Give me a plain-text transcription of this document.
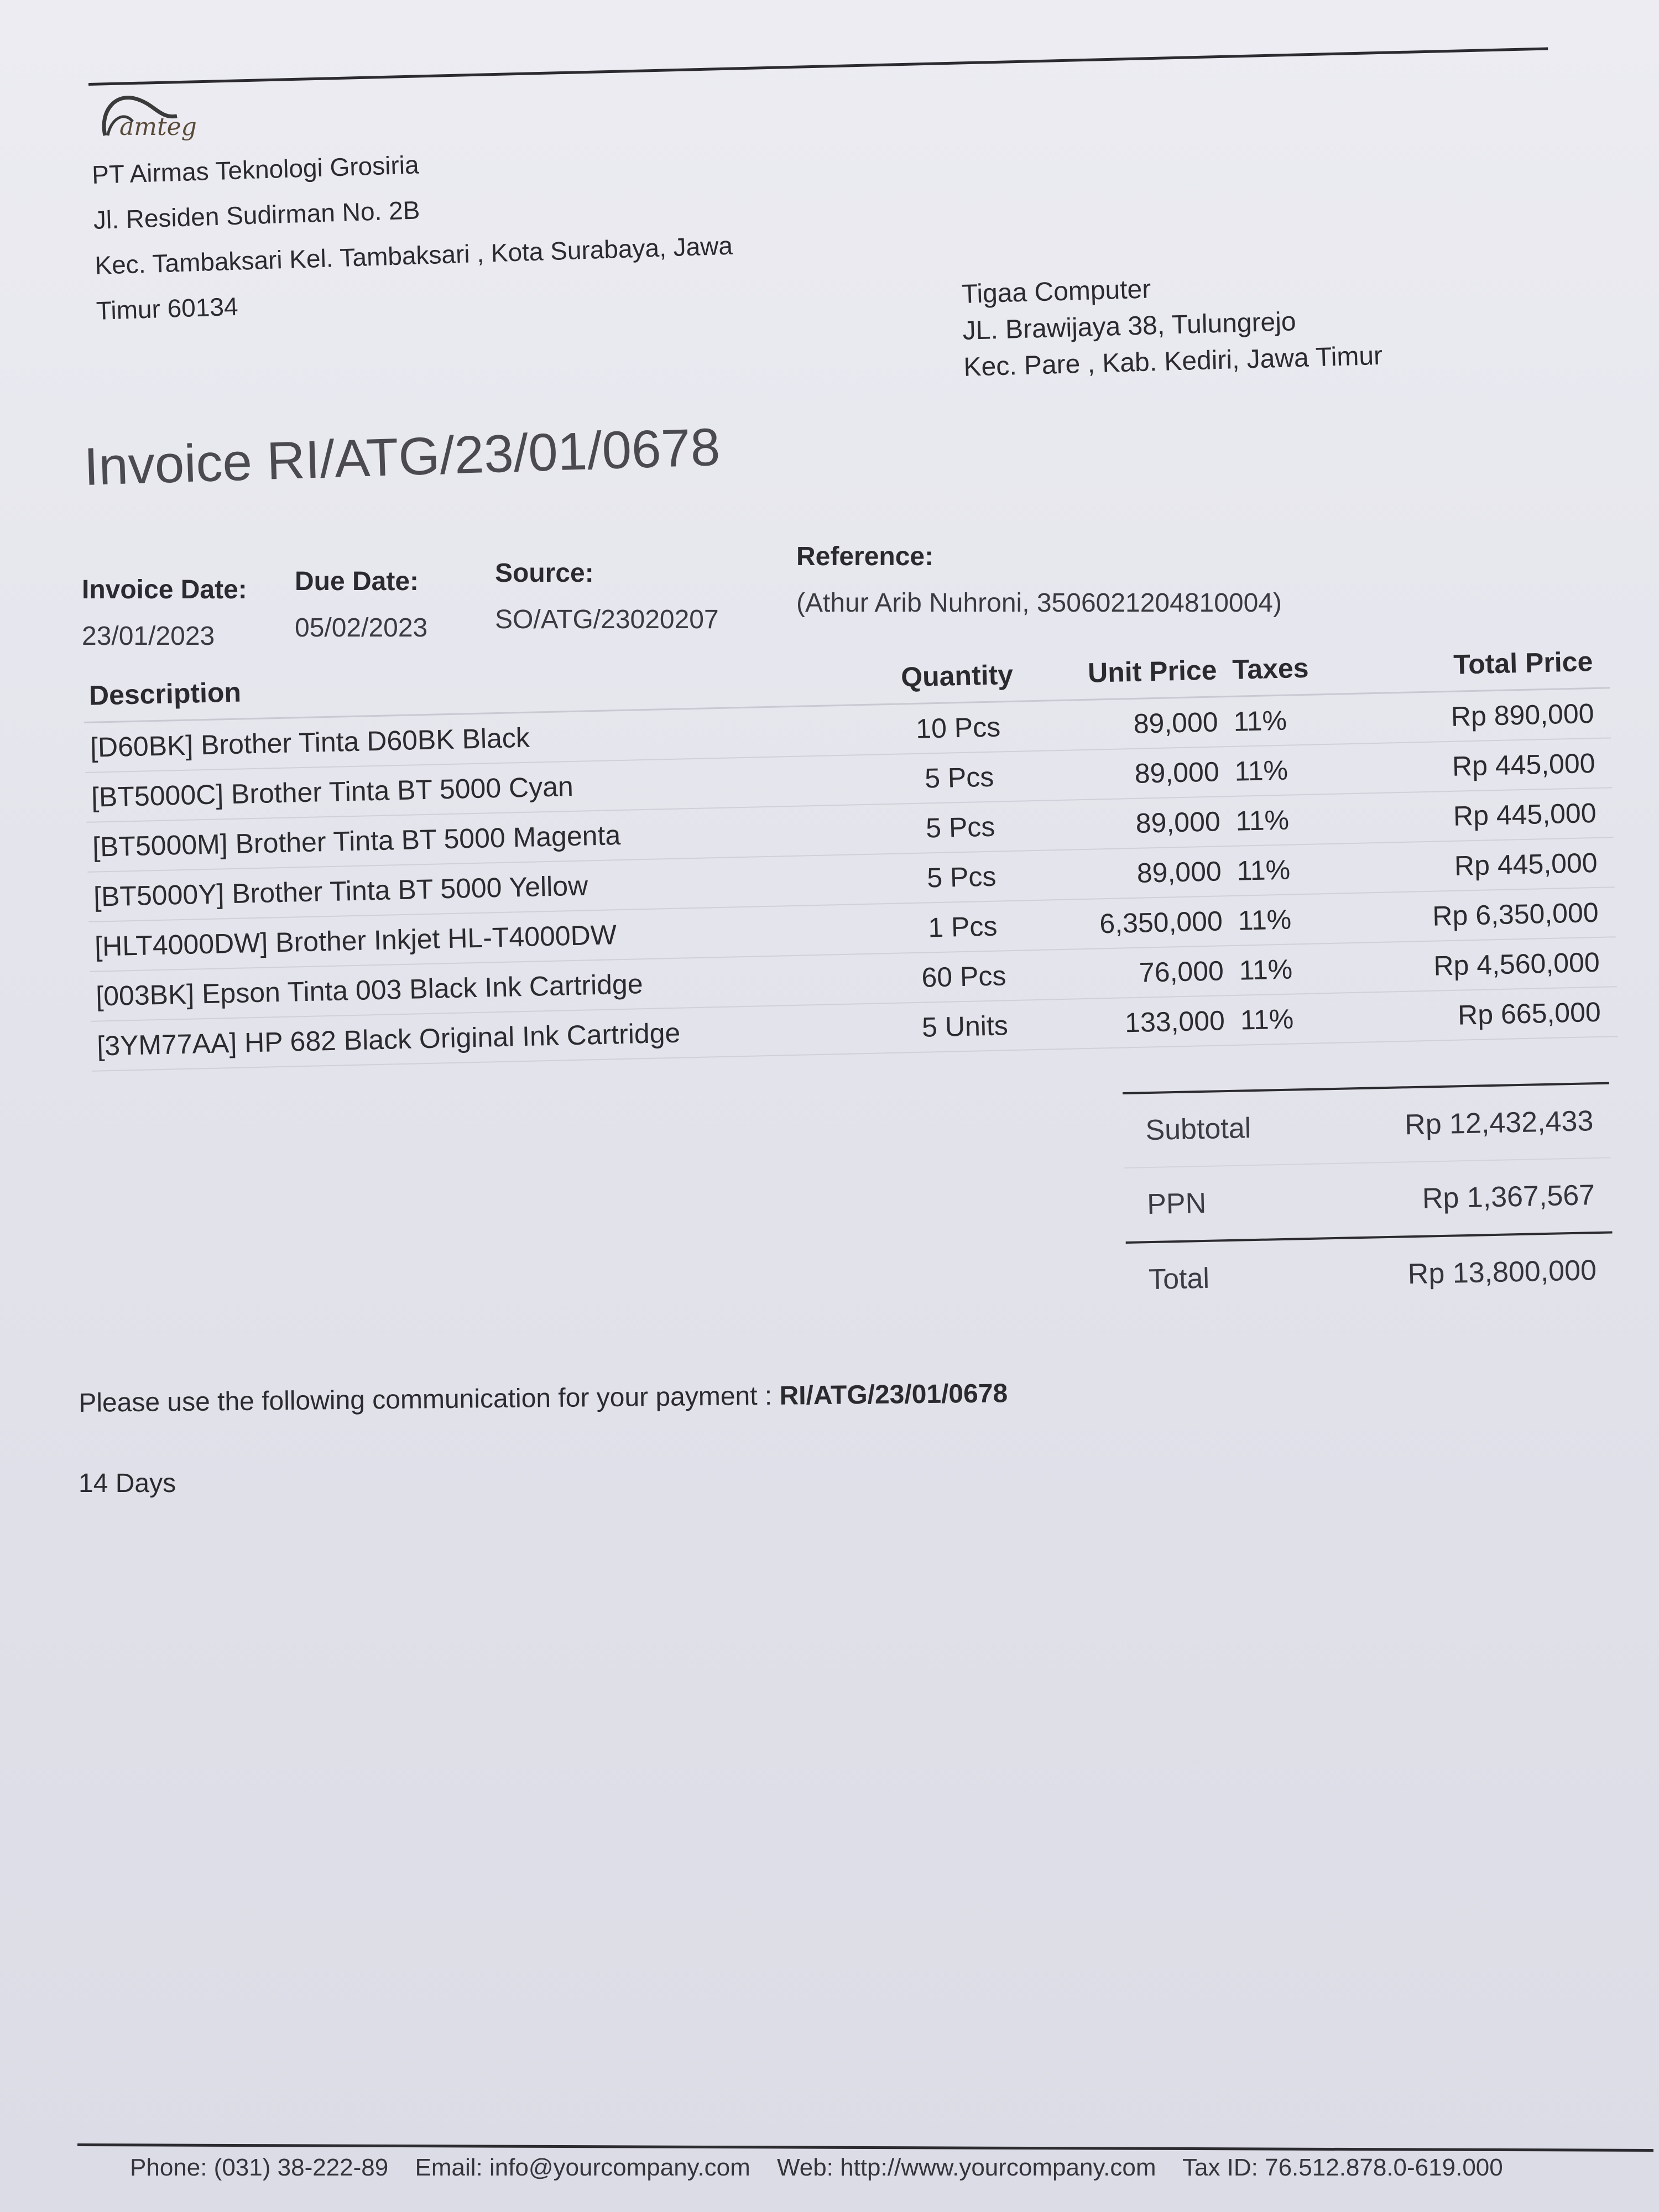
amteg
PT Airmas Teknologi Grosiria
Jl. Residen Sudirman No. 2B
Kec. Tambaksari Kel. Tambaksari , Kota Surabaya, Jawa
Timur 60134	Tigaa Computer
JL. Brawijaya 38, Tulungrejo
Kec. Pare , Kab. Kediri, Jawa Timur
Invoice RI/ATG/23/01/0678
Invoice Date:
23/01/2023
Due Date:
05/02/2023
Source:
SO/ATG/23020207
Reference:
(Athur Arib Nuhroni, 3506021204810004)
Description	Quantity	Unit Price	Taxes	Total Price
[D60BK] Brother Tinta D60BK Black	10 Pcs	89,000	11%	Rp 890,000
[BT5000C] Brother Tinta BT 5000 Cyan	5 Pcs	89,000	11%	Rp 445,000
[BT5000M] Brother Tinta BT 5000 Magenta	5 Pcs	89,000	11%	Rp 445,000
[BT5000Y] Brother Tinta BT 5000 Yellow	5 Pcs	89,000	11%	Rp 445,000
[HLT4000DW] Brother Inkjet HL-T4000DW	1 Pcs	6,350,000	11%	Rp 6,350,000
[003BK] Epson Tinta 003 Black Ink Cartridge	60 Pcs	76,000	11%	Rp 4,560,000
[3YM77AA] HP 682 Black Original Ink Cartridge	5 Units	133,000	11%	Rp 665,000
Subtotal	Rp 12,432,433
PPN	Rp 1,367,567
Total	Rp 13,800,000
Please use the following communication for your payment : RI/ATG/23/01/0678
14 Days
Phone: (031) 38-222-89 Email: info@yourcompany.com Web: http://www.yourcompany.com Tax ID: 76.512.878.0-619.000
